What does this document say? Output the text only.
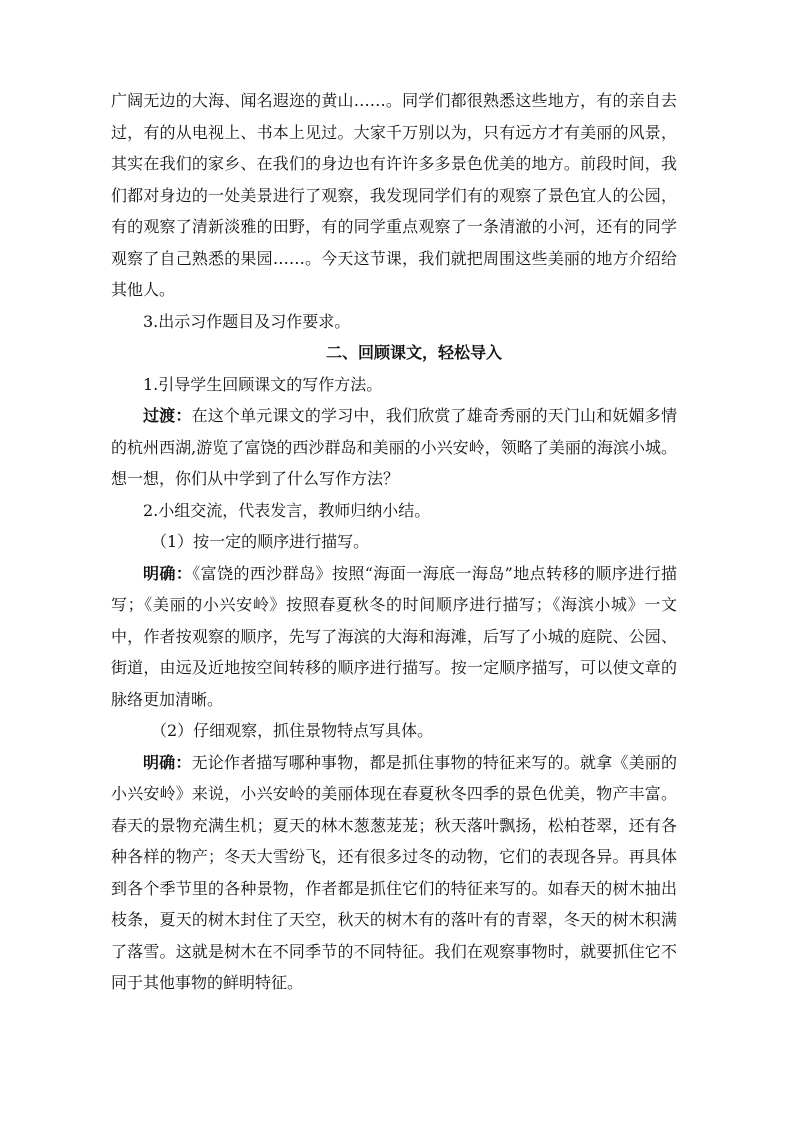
广阔无边的大海、闻名遐迩的黄山……。同学们都很熟悉这些地方，有的亲自去过，有的从电视上、书本上见过。大家千万别以为，只有远方才有美丽的风景，其实在我们的家乡、在我们的身边也有许许多多景色优美的地方。前段时间，我们都对身边的一处美景进行了观察，我发现同学们有的观察了景色宜人的公园，有的观察了清新淡雅的田野，有的同学重点观察了一条清澈的小河，还有的同学观察了自己熟悉的果园……。今天这节课，我们就把周围这些美丽的地方介绍给其他人。

3.出示习作题目及习作要求。

二、回顾课文，轻松导入

1.引导学生回顾课文的写作方法。

过渡：在这个单元课文的学习中，我们欣赏了雄奇秀丽的天门山和妩媚多情的杭州西湖,游览了富饶的西沙群岛和美丽的小兴安岭，领略了美丽的海滨小城。想一想，你们从中学到了什么写作方法？

2.小组交流，代表发言，教师归纳小结。

（1）按一定的顺序进行描写。

明确：《富饶的西沙群岛》按照“海面一海底一海岛”地点转移的顺序进行描写；《美丽的小兴安岭》按照春夏秋冬的时间顺序进行描写；《海滨小城》一文中，作者按观察的顺序，先写了海滨的大海和海滩，后写了小城的庭院、公园、街道，由远及近地按空间转移的顺序进行描写。按一定顺序描写，可以使文章的脉络更加清晰。

（2）仔细观察，抓住景物特点写具体。

明确：无论作者描写哪种事物，都是抓住事物的特征来写的。就拿《美丽的小兴安岭》来说，小兴安岭的美丽体现在春夏秋冬四季的景色优美，物产丰富。春天的景物充满生机；夏天的林木葱葱茏茏；秋天落叶飘扬，松柏苍翠，还有各种各样的物产；冬天大雪纷飞，还有很多过冬的动物，它们的表现各异。再具体到各个季节里的各种景物，作者都是抓住它们的特征来写的。如春天的树木抽出枝条，夏天的树木封住了天空，秋天的树木有的落叶有的青翠，冬天的树木积满了落雪。这就是树木在不同季节的不同特征。我们在观察事物时，就要抓住它不同于其他事物的鲜明特征。
